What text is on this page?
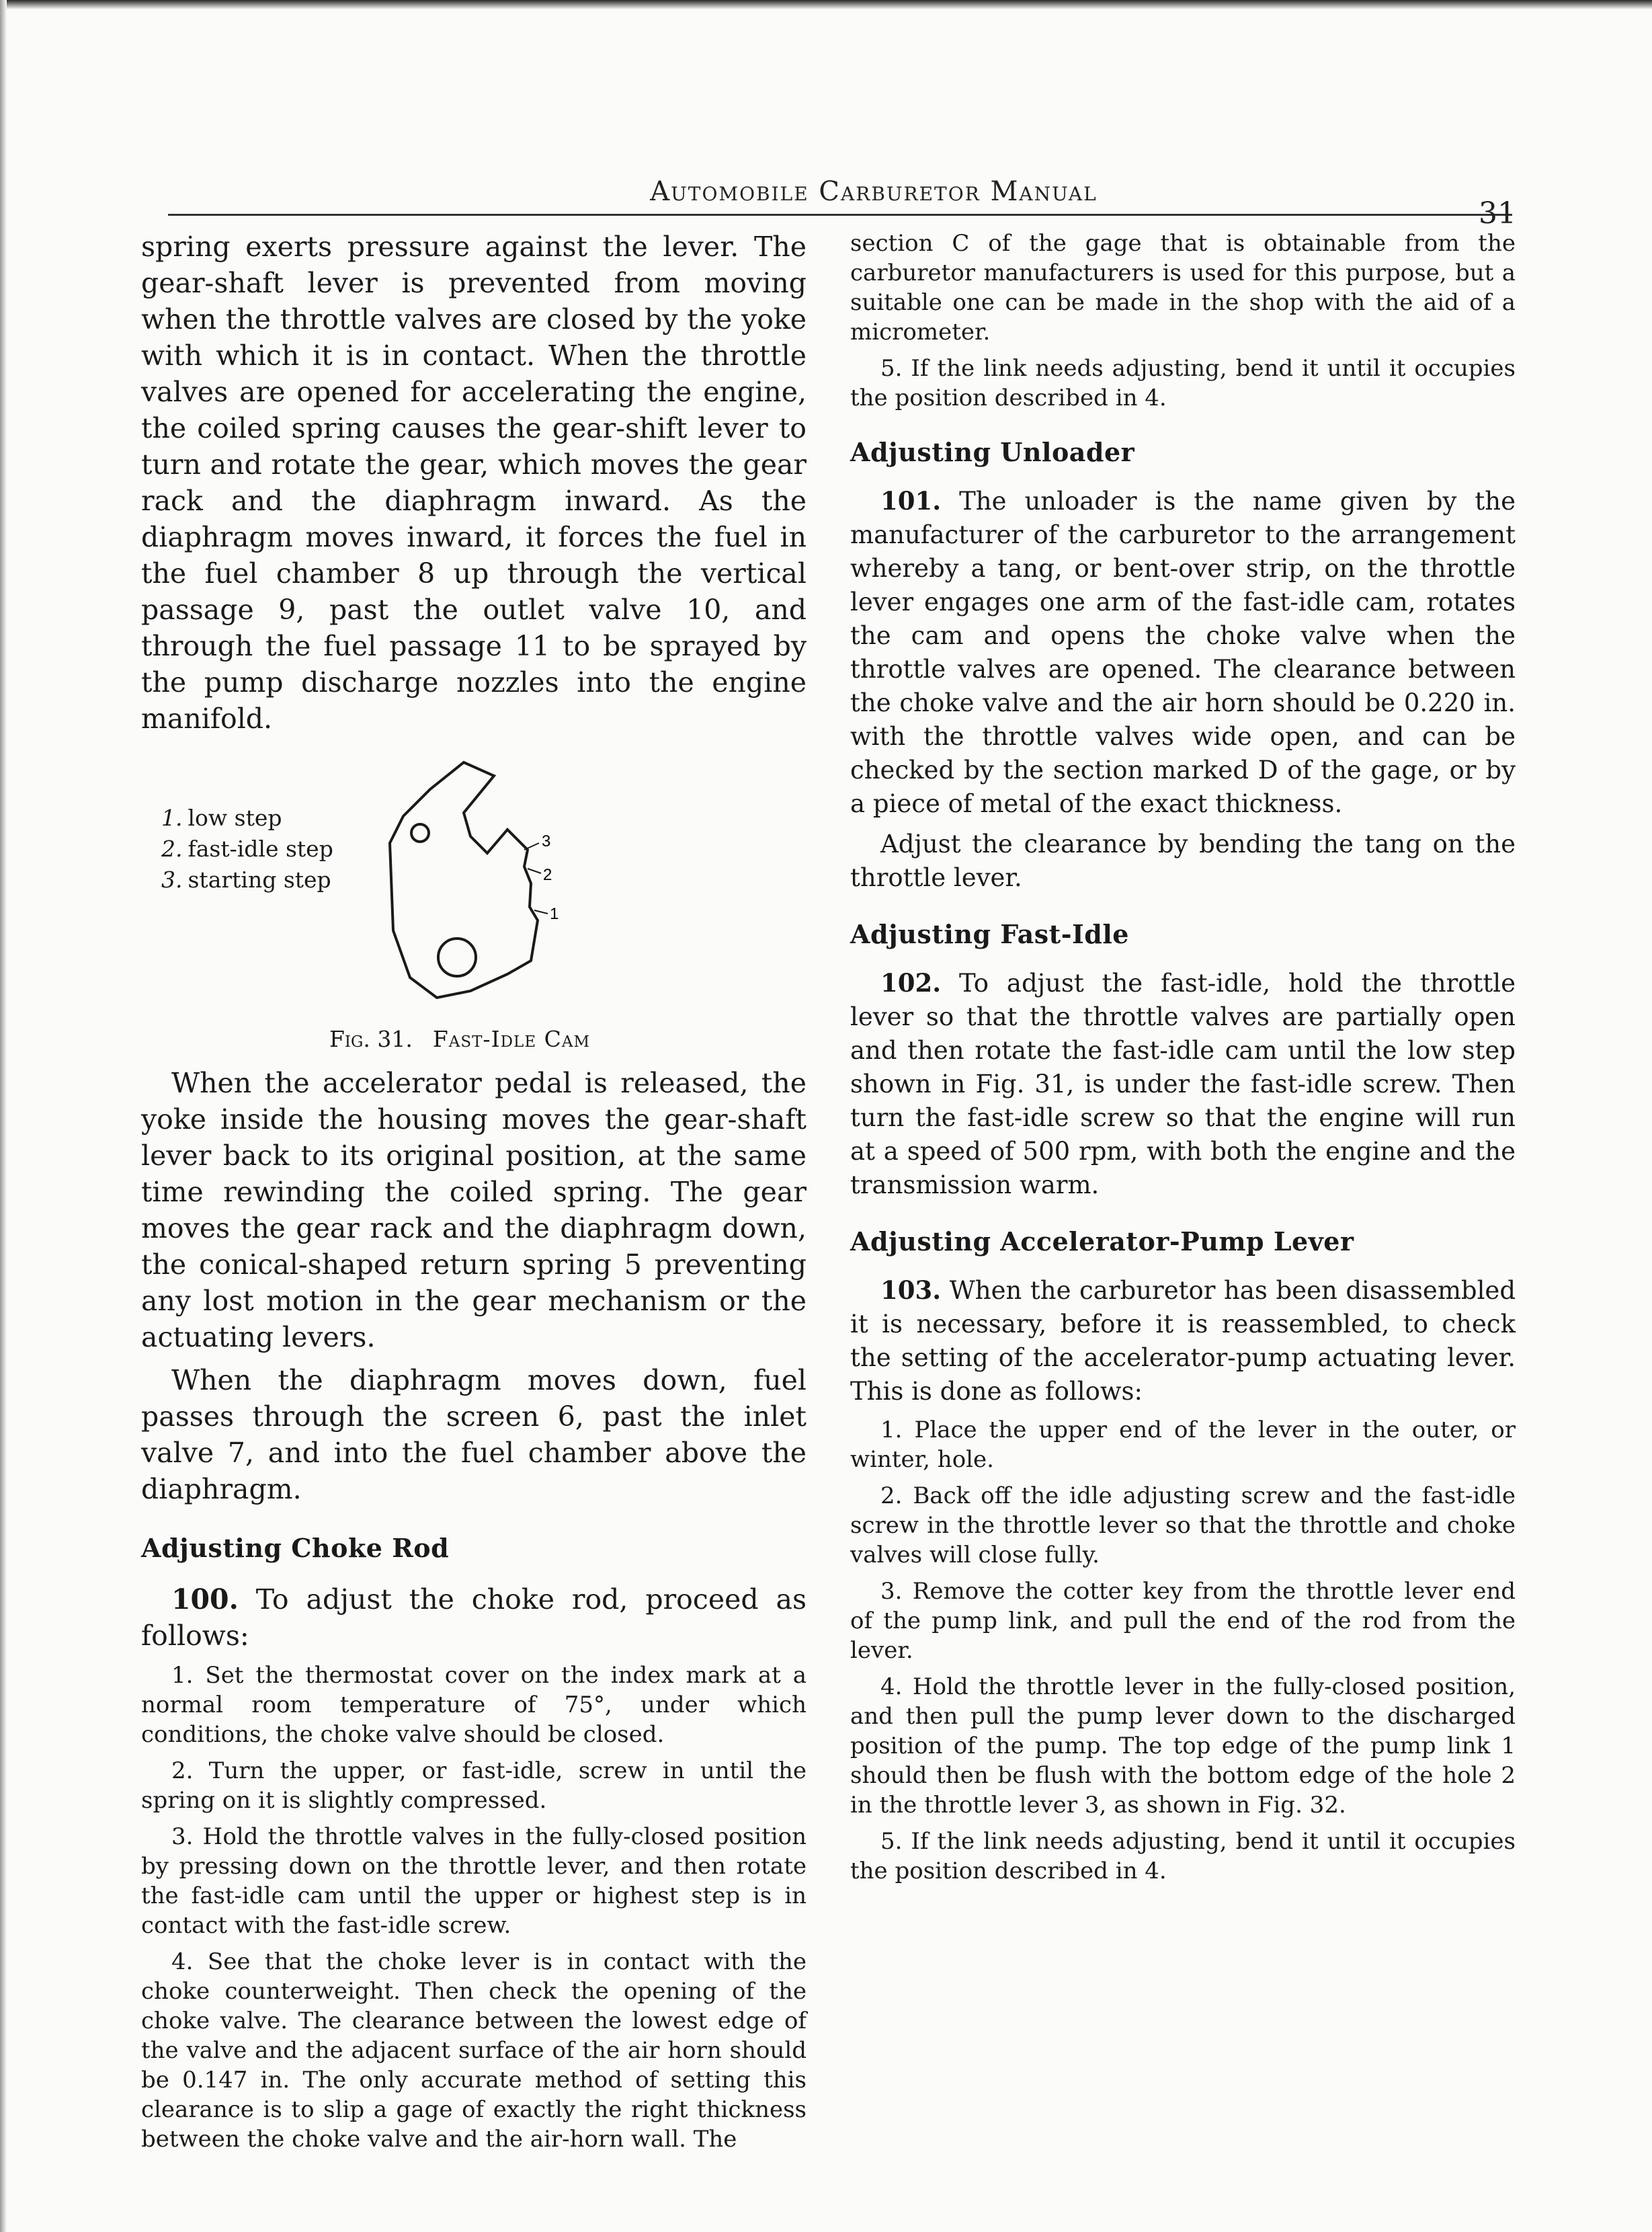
Automobile Carburetor Manual
31

spring exerts pressure against the lever. The gear-shaft lever is prevented from moving when the throttle valves are closed by the yoke with which it is in contact. When the throttle valves are opened for accelerating the engine, the coiled spring causes the gear-shift lever to turn and rotate the gear, which moves the gear rack and the diaphragm inward. As the diaphragm moves inward, it forces the fuel in the fuel chamber 8 up through the vertical passage 9, past the outlet valve 10, and through the fuel passage 11 to be sprayed by the pump discharge nozzles into the engine manifold.

1. low step
2. fast-idle step
3. starting step
3
2
1
Fig. 31. Fast-Idle Cam

When the accelerator pedal is released, the yoke inside the housing moves the gear-shaft lever back to its original position, at the same time rewinding the coiled spring. The gear moves the gear rack and the diaphragm down, the conical-shaped return spring 5 preventing any lost motion in the gear mechanism or the actuating levers.

When the diaphragm moves down, fuel passes through the screen 6, past the inlet valve 7, and into the fuel chamber above the diaphragm.

Adjusting Choke Rod

100. To adjust the choke rod, proceed as follows:

1. Set the thermostat cover on the index mark at a normal room temperature of 75°, under which conditions, the choke valve should be closed.

2. Turn the upper, or fast-idle, screw in until the spring on it is slightly compressed.

3. Hold the throttle valves in the fully-closed position by pressing down on the throttle lever, and then rotate the fast-idle cam until the upper or highest step is in contact with the fast-idle screw.

4. See that the choke lever is in contact with the choke counterweight. Then check the opening of the choke valve. The clearance between the lowest edge of the valve and the adjacent surface of the air horn should be 0.147 in. The only accurate method of setting this clearance is to slip a gage of exactly the right thickness between the choke valve and the air-horn wall. The

section C of the gage that is obtainable from the carburetor manufacturers is used for this purpose, but a suitable one can be made in the shop with the aid of a micrometer.

5. If the link needs adjusting, bend it until it occupies the position described in 4.

Adjusting Unloader

101. The unloader is the name given by the manufacturer of the carburetor to the arrangement whereby a tang, or bent-over strip, on the throttle lever engages one arm of the fast-idle cam, rotates the cam and opens the choke valve when the throttle valves are opened. The clearance between the choke valve and the air horn should be 0.220 in. with the throttle valves wide open, and can be checked by the section marked D of the gage, or by a piece of metal of the exact thickness.

Adjust the clearance by bending the tang on the throttle lever.

Adjusting Fast-Idle

102. To adjust the fast-idle, hold the throttle lever so that the throttle valves are partially open and then rotate the fast-idle cam until the low step shown in Fig. 31, is under the fast-idle screw. Then turn the fast-idle screw so that the engine will run at a speed of 500 rpm, with both the engine and the transmission warm.

Adjusting Accelerator-Pump Lever

103. When the carburetor has been disassembled it is necessary, before it is reassembled, to check the setting of the accelerator-pump actuating lever. This is done as follows:

1. Place the upper end of the lever in the outer, or winter, hole.

2. Back off the idle adjusting screw and the fast-idle screw in the throttle lever so that the throttle and choke valves will close fully.

3. Remove the cotter key from the throttle lever end of the pump link, and pull the end of the rod from the lever.

4. Hold the throttle lever in the fully-closed position, and then pull the pump lever down to the discharged position of the pump. The top edge of the pump link 1 should then be flush with the bottom edge of the hole 2 in the throttle lever 3, as shown in Fig. 32.

5. If the link needs adjusting, bend it until it occupies the position described in 4.
